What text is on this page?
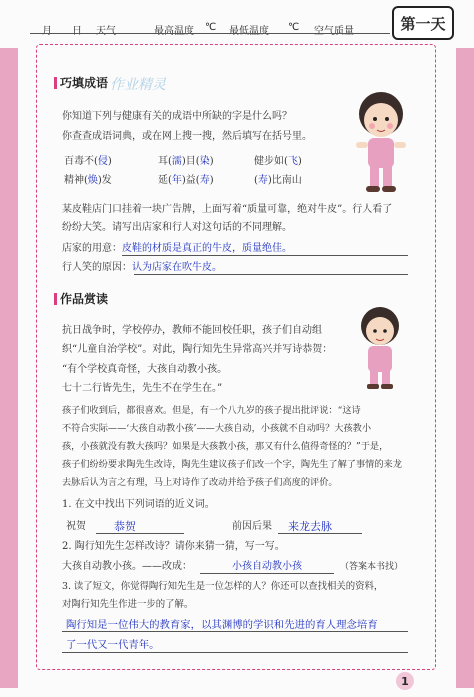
月 日 天气	最高温度 ℃ 最低温度 ℃ 空气质量	第一天
巧填成语 作业精灵
你知道下列与健康有关的成语中所缺的字是什么吗？
你查查成语词典，或在网上搜一搜，然后填写在括号里。
百毒不(侵)	耳(濡)目(染)	健步如(飞)
精神(焕)发	延(年)益(寿)	(寿)比南山
某皮鞋店门口挂着一块广告牌，上面写着“质量可靠，绝对牛皮”。行人看了
纷纷大笑。请写出店家和行人对这句话的不同理解。
店家的用意：皮鞋的材质是真正的牛皮，质量绝佳。
行人笑的原因：认为店家在吹牛皮。
作品赏读
抗日战争时，学校停办，教师不能回校任职，孩子们自动组
织“儿童自治学校”。对此，陶行知先生异常高兴并写诗恭贺：
“有个学校真奇怪，大孩自动教小孩。
七十二行皆先生，先生不在学生在。”
孩子们收到后，都很喜欢。但是，有一个八九岁的孩子提出批评说：“这诗
不符合实际——‘大孩自动教小孩’——大孩自动，小孩就不自动吗？大孩教小
孩，小孩就没有教大孩吗？如果是大孩教小孩，那又有什么值得奇怪的？”于是，
孩子们纷纷要求陶先生改诗，陶先生建议孩子们改一个字，陶先生了解了事情的来龙
去脉后认为言之有理，马上对诗作了改动并给予孩子们高度的评价。
1. 在文中找出下列词语的近义词。
祝贺	恭贺	前因后果 来龙去脉
2. 陶行知先生怎样改诗？请你来猜一猜，写一写。
大孩自动教小孩。——改成：	小孩自动教小孩	（答案本书找）
3. 读了短文，你觉得陶行知先生是一位怎样的人？你还可以查找相关的资料，
对陶行知先生作进一步的了解。
陶行知是一位伟大的教育家，以其渊博的学识和先进的育人理念培育
了一代又一代青年。
1
